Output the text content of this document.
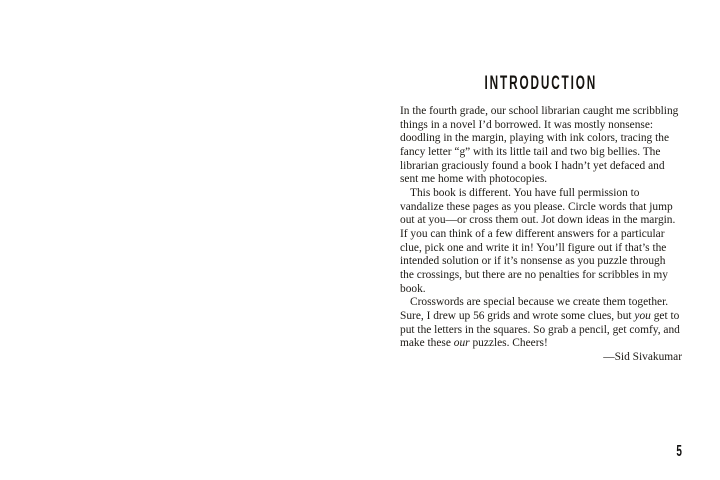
INTRODUCTION
In the fourth grade, our school librarian caught me scribbling
things in a novel I’d borrowed. It was mostly nonsense:
doodling in the margin, playing with ink colors, tracing the
fancy letter “g” with its little tail and two big bellies. The
librarian graciously found a book I hadn’t yet defaced and
sent me home with photocopies.
This book is different. You have full permission to
vandalize these pages as you please. Circle words that jump
out at you—or cross them out. Jot down ideas in the margin.
If you can think of a few different answers for a particular
clue, pick one and write it in! You’ll figure out if that’s the
intended solution or if it’s nonsense as you puzzle through
the crossings, but there are no penalties for scribbles in my
book.
Crosswords are special because we create them together.
Sure, I drew up 56 grids and wrote some clues, but you get to
put the letters in the squares. So grab a pencil, get comfy, and
make these our puzzles. Cheers!
—Sid Sivakumar
5
